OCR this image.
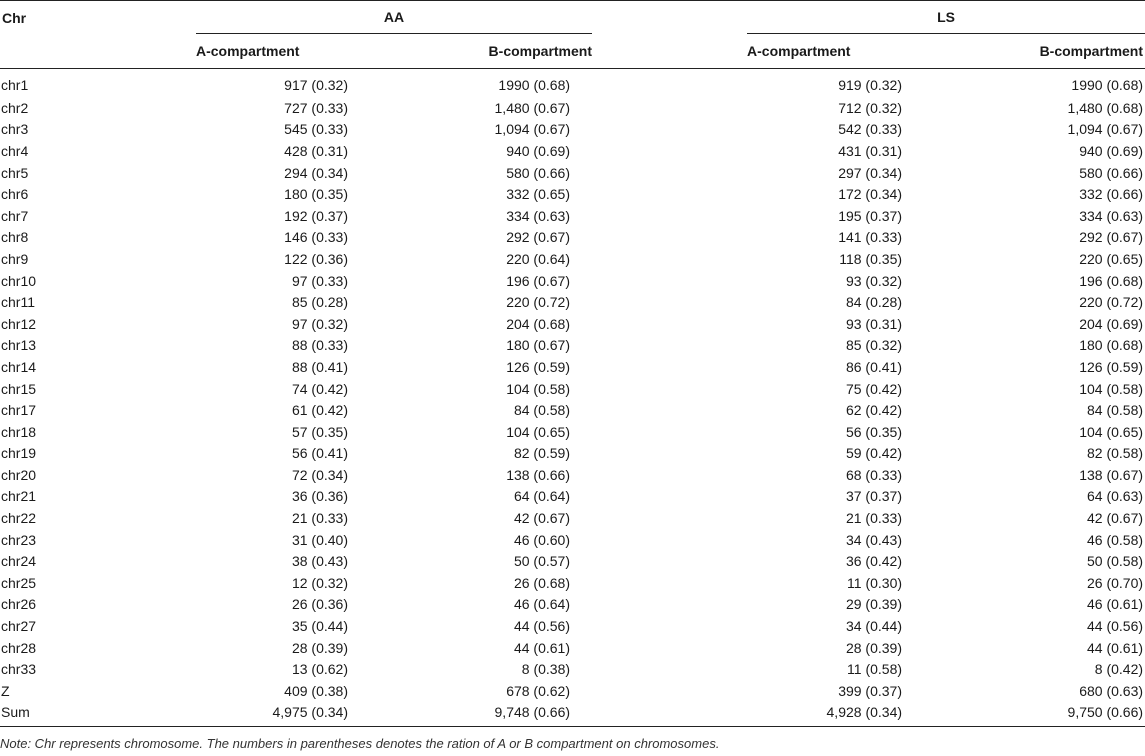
Chr	AA			LS	

	A-compartment	B-compartment		A-compartment	B-compartment
chr1	917 (0.32)	1990 (0.68)		919 (0.32)	1990 (0.68)
chr2	727 (0.33)	1,480 (0.67)		712 (0.32)	1,480 (0.68)
chr3	545 (0.33)	1,094 (0.67)		542 (0.33)	1,094 (0.67)
chr4	428 (0.31)	940 (0.69)		431 (0.31)	940 (0.69)
chr5	294 (0.34)	580 (0.66)		297 (0.34)	580 (0.66)
chr6	180 (0.35)	332 (0.65)		172 (0.34)	332 (0.66)
chr7	192 (0.37)	334 (0.63)		195 (0.37)	334 (0.63)
chr8	146 (0.33)	292 (0.67)		141 (0.33)	292 (0.67)
chr9	122 (0.36)	220 (0.64)		118 (0.35)	220 (0.65)
chr10	97 (0.33)	196 (0.67)		93 (0.32)	196 (0.68)
chr11	85 (0.28)	220 (0.72)		84 (0.28)	220 (0.72)
chr12	97 (0.32)	204 (0.68)		93 (0.31)	204 (0.69)
chr13	88 (0.33)	180 (0.67)		85 (0.32)	180 (0.68)
chr14	88 (0.41)	126 (0.59)		86 (0.41)	126 (0.59)
chr15	74 (0.42)	104 (0.58)		75 (0.42)	104 (0.58)
chr17	61 (0.42)	84 (0.58)		62 (0.42)	84 (0.58)
chr18	57 (0.35)	104 (0.65)		56 (0.35)	104 (0.65)
chr19	56 (0.41)	82 (0.59)		59 (0.42)	82 (0.58)
chr20	72 (0.34)	138 (0.66)		68 (0.33)	138 (0.67)
chr21	36 (0.36)	64 (0.64)		37 (0.37)	64 (0.63)
chr22	21 (0.33)	42 (0.67)		21 (0.33)	42 (0.67)
chr23	31 (0.40)	46 (0.60)		34 (0.43)	46 (0.58)
chr24	38 (0.43)	50 (0.57)		36 (0.42)	50 (0.58)
chr25	12 (0.32)	26 (0.68)		11 (0.30)	26 (0.70)
chr26	26 (0.36)	46 (0.64)		29 (0.39)	46 (0.61)
chr27	35 (0.44)	44 (0.56)		34 (0.44)	44 (0.56)
chr28	28 (0.39)	44 (0.61)		28 (0.39)	44 (0.61)
chr33	13 (0.62)	8 (0.38)		11 (0.58)	8 (0.42)
Z	409 (0.38)	678 (0.62)		399 (0.37)	680 (0.63)
Sum	4,975 (0.34)	9,748 (0.66)		4,928 (0.34)	9,750 (0.66)
Note: Chr represents chromosome. The numbers in parentheses denotes the ration of A or B compartment on chromosomes.
